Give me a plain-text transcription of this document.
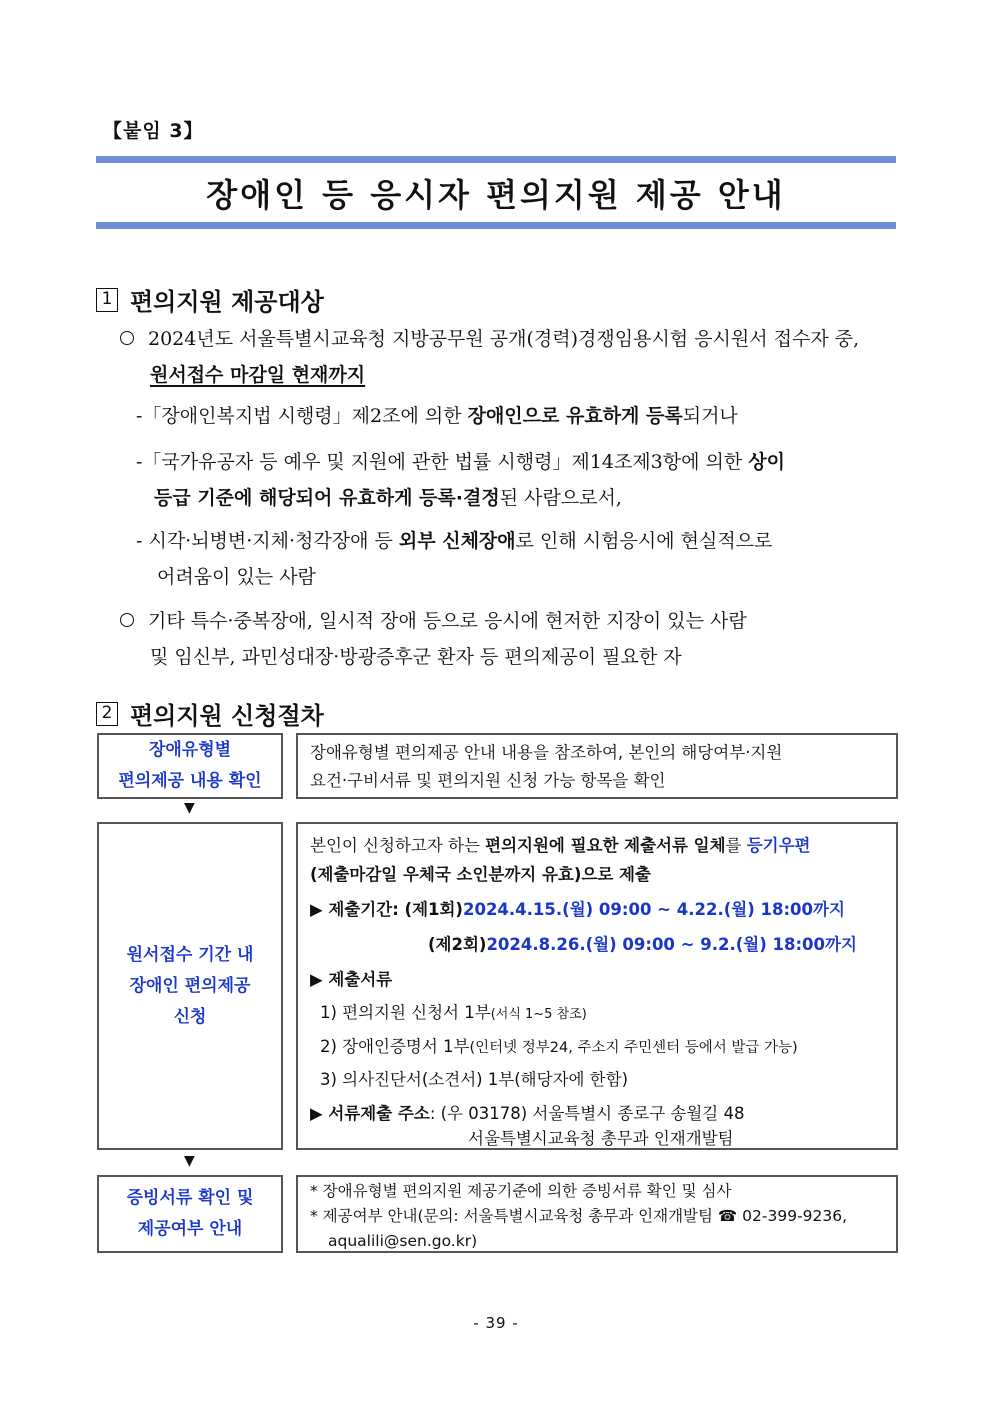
【붙임 3】
장애인 등 응시자 편의지원 제공 안내
1 편의지원 제공대상
2024년도 서울특별시교육청 지방공무원 공개(경력)경쟁임용시험 응시원서 접수자 중,
원서접수 마감일 현재까지
-「장애인복지법 시행령」제2조에 의한 장애인으로 유효하게 등록되거나
-「국가유공자 등 예우 및 지원에 관한 법률 시행령」제14조제3항에 의한 상이
등급 기준에 해당되어 유효하게 등록·결정된 사람으로서,
- 시각·뇌병변·지체·청각장애 등 외부 신체장애로 인해 시험응시에 현실적으로
어려움이 있는 사람
기타 특수·중복장애, 일시적 장애 등으로 응시에 현저한 지장이 있는 사람
및 임신부, 과민성대장·방광증후군 환자 등 편의제공이 필요한 자
2 편의지원 신청절차
장애유형별
편의제공 내용 확인
장애유형별 편의제공 안내 내용을 참조하여, 본인의 해당여부·지원
요건·구비서류 및 편의지원 신청 가능 항목을 확인
▼
원서접수 기간 내
장애인 편의제공
신청
본인이 신청하고자 하는 편의지원에 필요한 제출서류 일체를 등기우편
(제출마감일 우체국 소인분까지 유효)으로 제출
▶ 제출기간: (제1회)2024.4.15.(월) 09:00 ~ 4.22.(월) 18:00까지
(제2회)2024.8.26.(월) 09:00 ~ 9.2.(월) 18:00까지
▶ 제출서류
1) 편의지원 신청서 1부(서식 1~5 참조)
2) 장애인증명서 1부(인터넷 정부24, 주소지 주민센터 등에서 발급 가능)
3) 의사진단서(소견서) 1부(해당자에 한함)
▶ 서류제출 주소: (우 03178) 서울특별시 종로구 송월길 48
서울특별시교육청 총무과 인재개발팀
▼
증빙서류 확인 및
제공여부 안내
* 장애유형별 편의지원 제공기준에 의한 증빙서류 확인 및 심사
* 제공여부 안내(문의: 서울특별시교육청 총무과 인재개발팀 ☎ 02-399-9236,
aqualili@sen.go.kr)
- 39 -
